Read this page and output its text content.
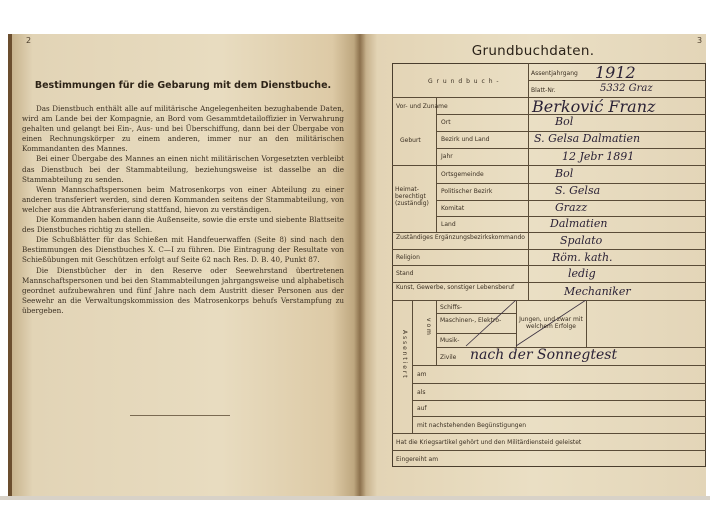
2
Bestimmungen für die Gebarung mit dem Dienstbuche.

Das Dienstbuch enthält alle auf militärische Angelegenheiten bezughabende Daten, wird am Lande bei der Kompagnie, an Bord vom Gesammtdetailoffizier in Verwahrung gehalten und gelangt bei Ein-, Aus- und bei Überschiffung, dann bei der Übergabe von einen Rechnungskörper zu einem anderen, immer nur an den militärischen Kommandanten des Mannes.

Bei einer Übergabe des Mannes an einen nicht militärischen Vorgesetzten verbleibt das Dienstbuch bei der Stammabteilung, beziehungsweise ist dasselbe an die Stammabteilung zu senden.

Wenn Mannschaftspersonen beim Matrosenkorps von einer Abteilung zu einer anderen transferiert werden, sind deren Kommanden seitens der Stammabteilung, von welcher aus die Abtransferierung stattfand, hievon zu verständigen.

Die Kommanden haben dann die Außenseite, sowie die erste und siebente Blattseite des Dienstbuches richtig zu stellen.

Die Schußblätter für das Schießen mit Handfeuerwaffen (Seite 8) sind nach den Bestimmungen des Dienstbuches X. C—I zu führen. Die Eintragung der Resultate von Schießübungen mit Geschützen erfolgt auf Seite 62 nach Res. D. B. 40, Punkt 87.

Die Dienstbücher der in den Reserve oder Seewehrstand übertretenen Mannschaftspersonen und bei den Stammabteilungen jahrgangsweise und alphabetisch geordnet aufzubewahren und fünf Jahre nach dem Austritt dieser Personen aus der Seewehr an die Verwaltungskommission des Matrosenkorps behufs Verstampfung zu übergeben.

3
Grundbuchdaten.
G r u n d b u c h -
Assentjahrgang
Blatt-Nr.
Vor- und Zuname
Geburt
Ort
Bezirk und Land
Jahr
Heimat-berechtigt (zuständig)
Ortsgemeinde
Politischer Bezirk
Komitat
Land
Zuständiges Ergänzungsbezirkskommando
Religion
Stand
Kunst, Gewerbe, sonstiger Lebensberuf
Schiffs-
Maschinen-, Elektro-
Musik-
Zivile
Jungen, und zwar mit welchem Erfolge
v o m
A s s e n t i e r t am
als
auf
mit nachstehenden Begünstigungen
Hat die Kriegsartikel gehört und den Militärdiensteid geleistet
Eingereiht am
1912
5332 Graz
Berković Franz
Bol
S. Gelsa Dalmatien
12 Jebr 1891
Bol
S. Gelsa
Grazz
Dalmatien
Spalato
Röm. kath.
ledig
Mechaniker
nach der Sonnegtest
